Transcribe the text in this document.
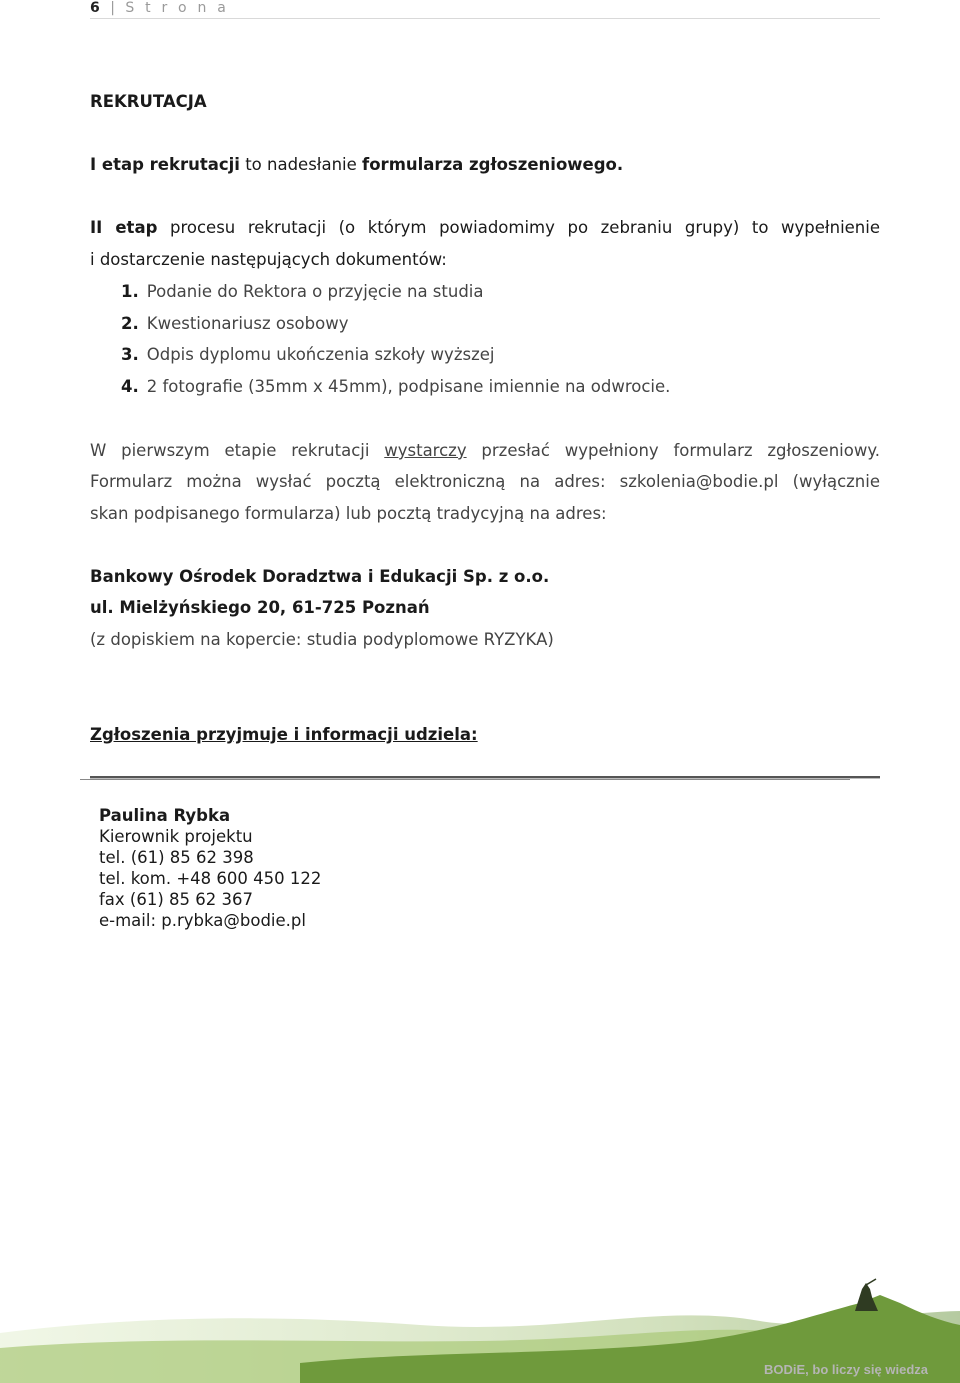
6 | S t r o n a
REKRUTACJA
I etap rekrutacji to nadesłanie formularza zgłoszeniowego.
II etap procesu rekrutacji (o którym powiadomimy po zebraniu grupy) to wypełnienie
i dostarczenie następujących dokumentów:
1. Podanie do Rektora o przyjęcie na studia
2. Kwestionariusz osobowy
3. Odpis dyplomu ukończenia szkoły wyższej
4. 2 fotografie (35mm x 45mm), podpisane imiennie na odwrocie.
W pierwszym etapie rekrutacji wystarczy przesłać wypełniony formularz zgłoszeniowy.
Formularz można wysłać pocztą elektroniczną na adres: szkolenia@bodie.pl (wyłącznie
skan podpisanego formularza) lub pocztą tradycyjną na adres:
Bankowy Ośrodek Doradztwa i Edukacji Sp. z o.o.
ul. Mielżyńskiego 20, 61-725 Poznań
(z dopiskiem na kopercie: studia podyplomowe RYZYKA)
Zgłoszenia przyjmuje i informacji udziela:
Paulina Rybka
Kierownik projektu
tel. (61) 85 62 398
tel. kom. +48 600 450 122
fax (61) 85 62 367
e-mail: p.rybka@bodie.pl
BODiE, bo liczy się wiedza
